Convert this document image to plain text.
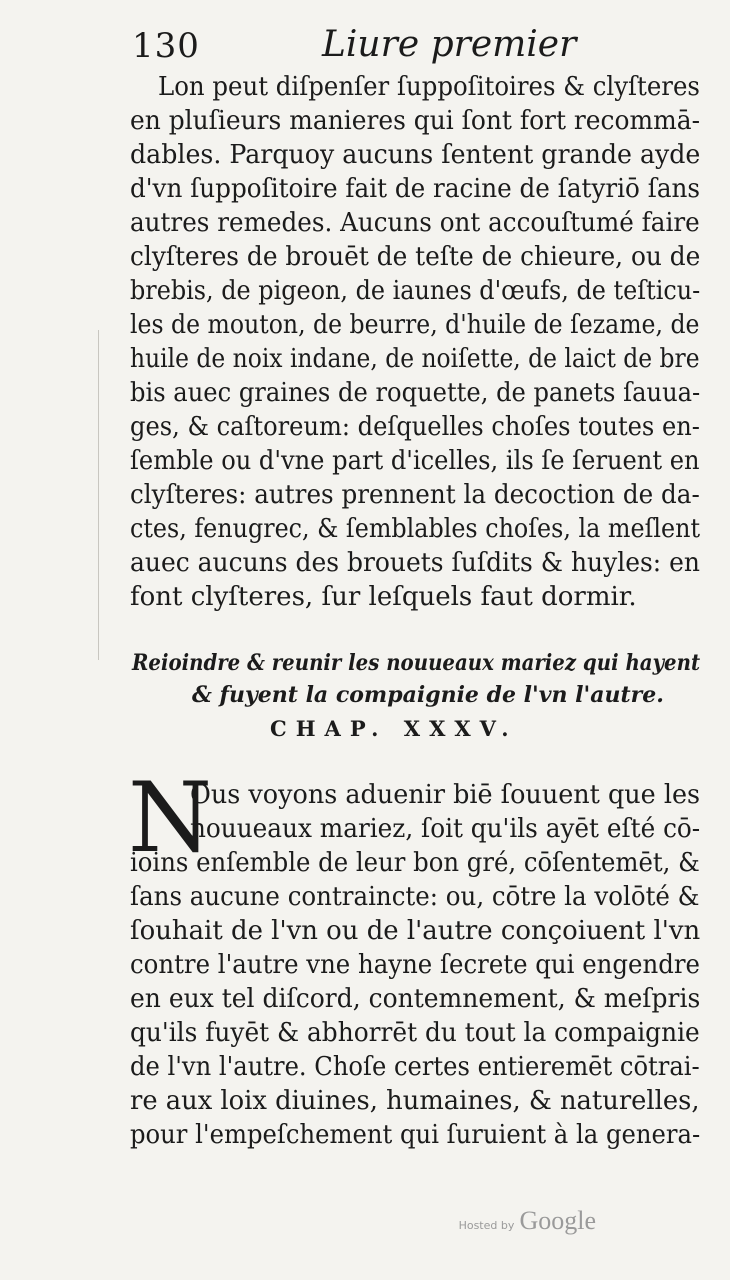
130	Liure premier
Lon peut diſpenſer ſuppoſitoires & clyſteres
en pluſieurs manieres qui ſont fort recommā-
dables. Parquoy aucuns ſentent grande ayde
d'vn ſuppoſitoire fait de racine de ſatyriō ſans
autres remedes. Aucuns ont accouſtumé faire
clyſteres de brouēt de teſte de chieure, ou de
brebis, de pigeon, de iaunes d'œufs, de teſticu-
les de mouton, de beurre, d'huile de ſezame, de
huile de noix indane, de noiſette, de laict de bre
bis auec graines de roquette, de panets ſauua-
ges, & caſtoreum: deſquelles choſes toutes en-
ſemble ou d'vne part d'icelles, ils ſe ſeruent en
clyſteres: autres prennent la decoction de da-
ctes, fenugrec, & ſemblables choſes, la meſlent
auec aucuns des brouets ſuſdits & huyles: en
font clyſteres, ſur leſquels faut dormir.
Reioindre & reunir les nouueaux mariez qui hayent
& fuyent la compaignie de l'vn l'autre.
CHAP. XXXV.
N
Ous voyons aduenir biē ſouuent que les
nouueaux mariez, ſoit qu'ils ayēt eſté cō-
ioins enſemble de leur bon gré, cōſentemēt, &
ſans aucune contraincte: ou, cōtre la volōté &
ſouhait de l'vn ou de l'autre conçoiuent l'vn
contre l'autre vne hayne ſecrete qui engendre
en eux tel diſcord, contemnement, & meſpris
qu'ils fuyēt & abhorrēt du tout la compaignie
de l'vn l'autre. Choſe certes entieremēt cōtrai-
re aux loix diuines, humaines, & naturelles,
pour l'empeſchement qui ſuruient à la genera-
Hosted by Google
